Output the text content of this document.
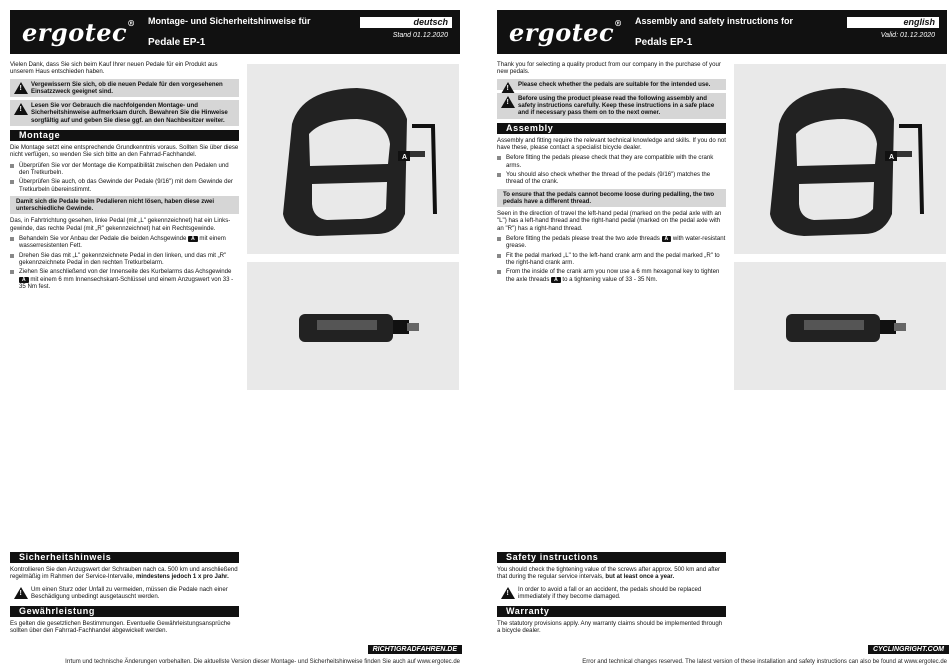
ergotec® Montage- und Sicherheitshinweise für
Pedale EP-1
deutsch
Stand 01.12.2020

Vielen Dank, dass Sie sich beim Kauf Ihrer neuen Pedale für ein Produkt aus unserem Haus entschieden haben.

!
Vergewissern Sie sich, ob die neuen Pedale für den vorgesehenen Einsatzzweck geeignet sind.
!
Lesen Sie vor Gebrauch die nachfolgenden Montage- und Sicherheitshinweise aufmerksam durch. Bewahren Sie die Hinweise sorgfältig auf und geben Sie diese ggf. an den Nachbesitzer weiter.
Montage

Die Montage setzt eine entsprechende Grundkenntnis voraus. Sollten Sie über diese nicht verfügen, so wenden Sie sich bitte an den Fahrrad-Fachhandel.

Überprüfen Sie vor der Montage die Kompatibilität zwischen den Pedalen und den Tretkurbeln.
Überprüfen Sie auch, ob das Gewinde der Pedale (9/16") mit dem Gewinde der Tretkurbeln übereinstimmt.
Damit sich die Pedale beim Pedalieren nicht lösen, haben diese zwei unterschiedliche Gewinde.

Das, in Fahrtrichtung gesehen, linke Pedal (mit „L" gekennzeichnet) hat ein Linksgewinde, das rechte Pedal (mit „R" gekennzeichnet) hat ein Rechtsgewinde.

Behandeln Sie vor Anbau der Pedale die beiden Achsgewinde A mit einem wasserresistenten Fett.
Drehen Sie das mit „L" gekennzeichnete Pedal in den linken, und das mit „R" gekennzeichnete Pedal in den rechten Tretkurbelarm.
Ziehen Sie anschließend von der Innenseite des Kurbelarms das Achsgewinde A mit einem 6 mm Innensechskant-Schlüssel und einem Anzugswert von 33 - 35 Nm fest.
A
Sicherheitshinweis

Kontrollieren Sie den Anzugswert der Schrauben nach ca. 500 km und anschließend regelmäßig im Rahmen der Service-Intervalle, mindestens jedoch 1 x pro Jahr.

!
Um einen Sturz oder Unfall zu vermeiden, müssen die Pedale nach einer Beschädigung unbedingt ausgetauscht werden.
Gewährleistung

Es gelten die gesetzlichen Bestimmungen. Eventuelle Gewährleistungsansprüche sollten über den Fahrrad-Fachhandel abgewickelt werden.

RICHTIGRADFAHREN.DE
Irrtum und technische Änderungen vorbehalten. Die aktuellste Version dieser Montage- und Sicherheitshinweise finden Sie auch auf www.ergotec.de
ergotec® Assembly and safety instructions for
Pedals EP-1
english
Valid: 01.12.2020

Thank you for selecting a quality product from our company in the purchase of your new pedals.

!
Please check whether the pedals are suitable for the intended use.
!
Before using the product please read the following assembly and safety instructions carefully. Keep these instructions in a safe place and if necessary pass them on to the next owner.
Assembly

Assembly and fitting require the relevant technical knowledge and skills. If you do not have these, please contact a specialist bicycle dealer.

Before fitting the pedals please check that they are compatible with the crank arms.
You should also check whether the thread of the pedals (9/16") matches the thread of the crank.
To ensure that the pedals cannot become loose during pedalling, the two pedals have a different thread.

Seen in the direction of travel the left-hand pedal (marked on the pedal axle with an "L") has a left-hand thread and the right-hand pedal (marked on the pedal axle with an "R") has a right-hand thread.

Before fitting the pedals please treat the two axle threads A with water-resistant grease.
Fit the pedal marked „L" to the left-hand crank arm and the pedal marked „R" to the right-hand crank arm.
From the inside of the crank arm you now use a 6 mm hexagonal key to tighten the axle threads A to a tightening value of 33 - 35 Nm.
A
Safety instructions

You should check the tightening value of the screws after approx. 500 km and after that during the regular service intervals, but at least once a year.

!
In order to avoid a fall or an accident, the pedals should be replaced immediately if they become damaged.
Warranty

The statutory provisions apply. Any warranty claims should be implemented through a bicycle dealer.

CYCLINGRIGHT.COM
Error and technical changes reserved. The latest version of these installation and safety instructions can also be found at www.ergotec.de
